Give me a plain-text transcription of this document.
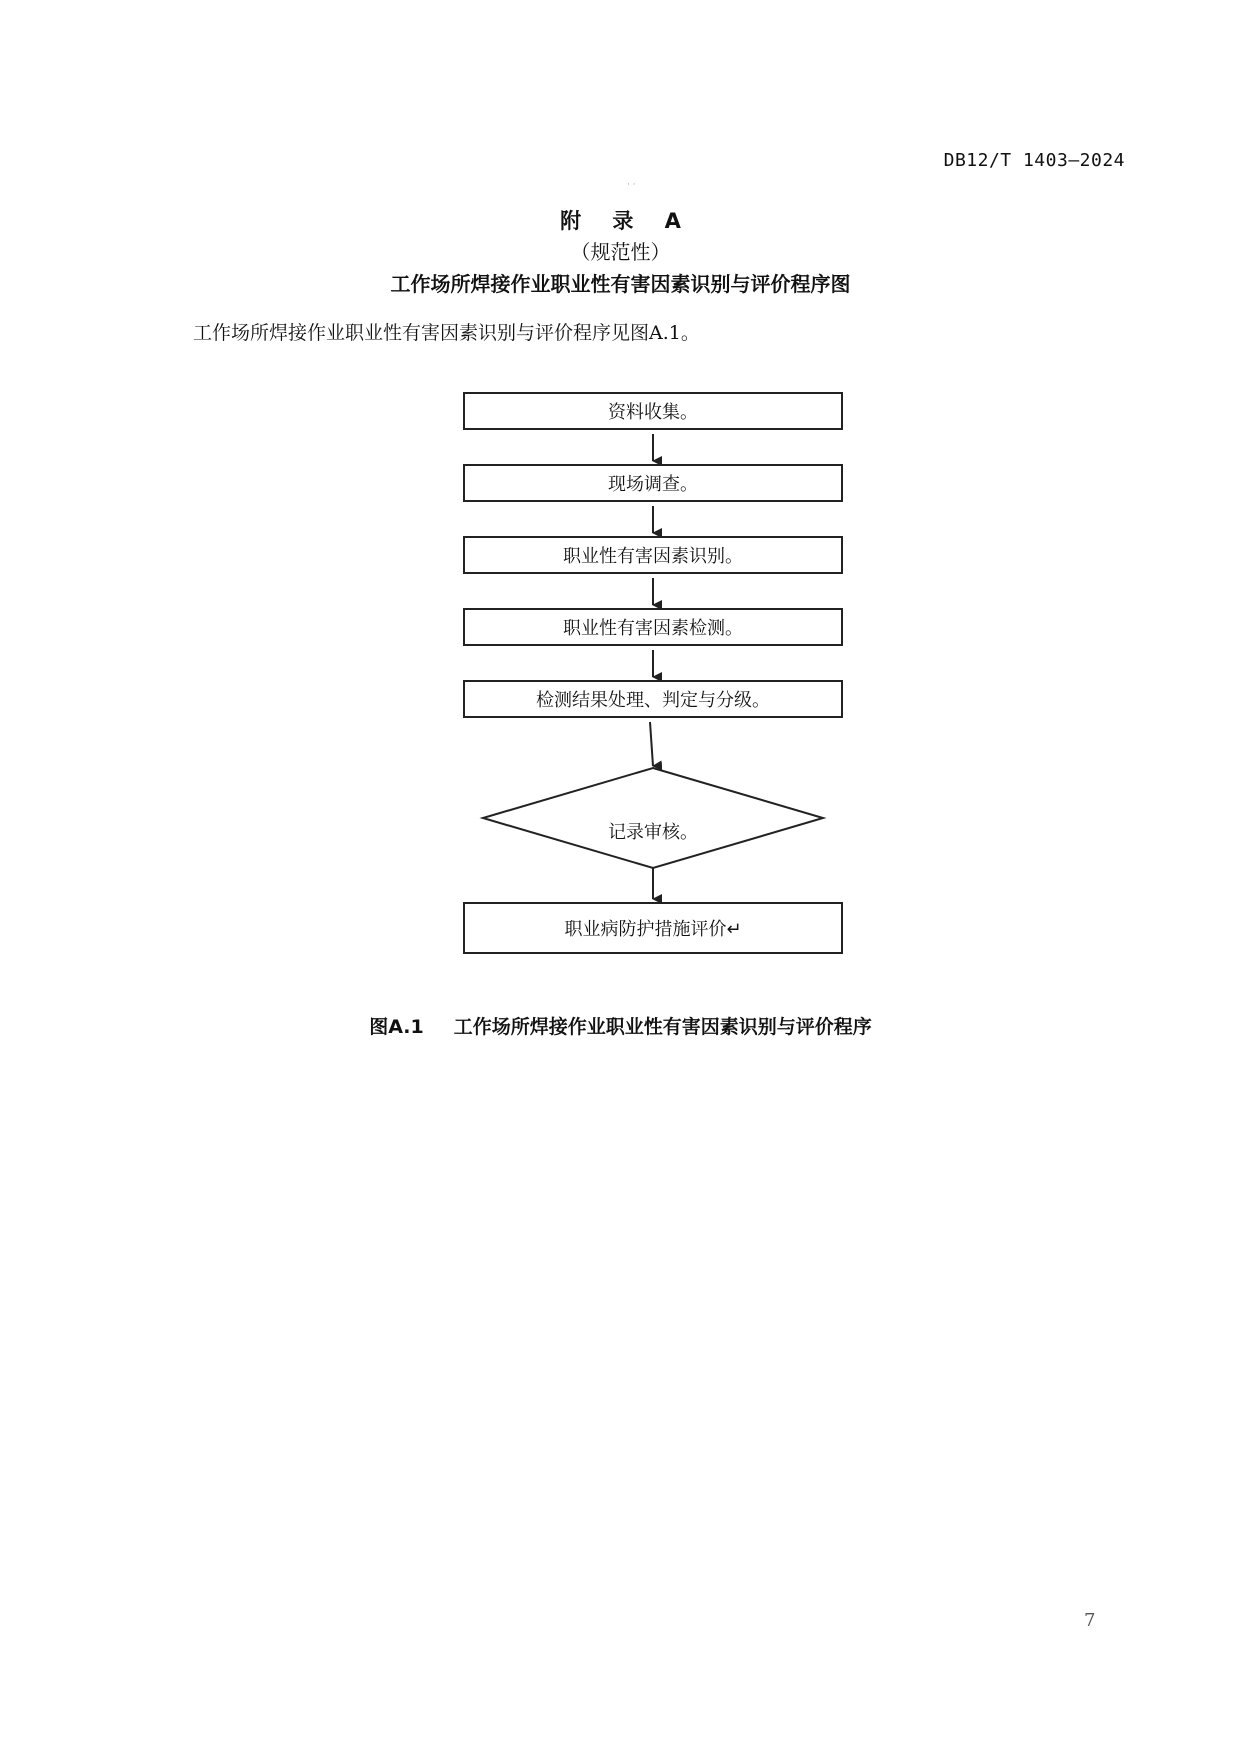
DB12/T 1403—2024
· ·
附 录 A
（规范性）
工作场所焊接作业职业性有害因素识别与评价程序图
工作场所焊接作业职业性有害因素识别与评价程序见图A.1。
资料收集。
现场调查。
职业性有害因素识别。
职业性有害因素检测。
检测结果处理、判定与分级。
记录审核。
职业病防护措施评价↵
图A.1 工作场所焊接作业职业性有害因素识别与评价程序
7
